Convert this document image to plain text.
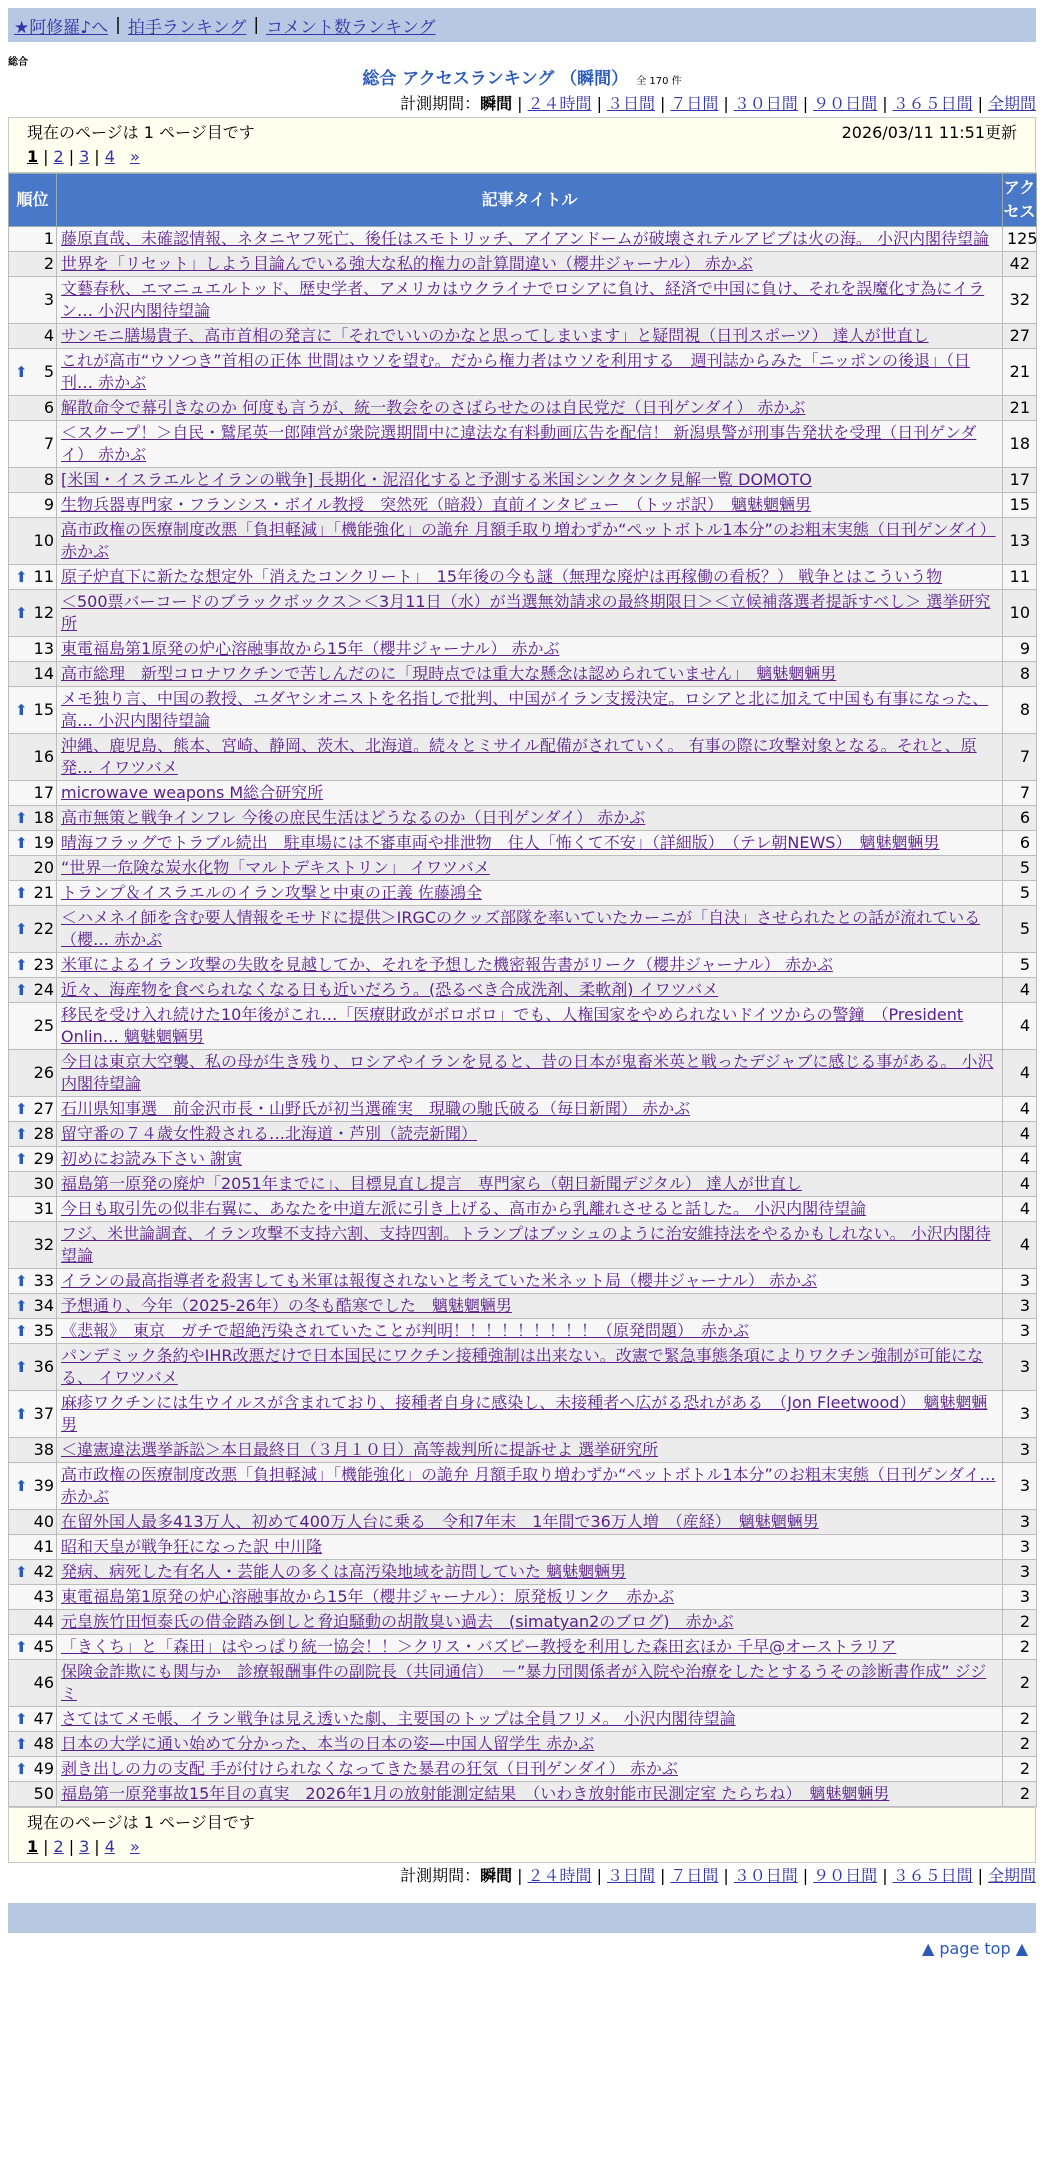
★阿修羅♪へ | 拍手ランキング | コメント数ランキング
総合
総合 アクセスランキング （瞬間） 全 170 件
計測期間：瞬間 | ２４時間 | ３日間 | ７日間 | ３０日間 | ９０日間 | ３６５日間 | 全期間
現在のページは 1 ページ目です	2026/03/11 11:51更新
1 | 2 | 3 | 4 »
順位	記事タイトル	アクセス
1	藤原直哉、未確認情報、ネタニヤフ死亡、後任はスモトリッチ、アイアンドームが破壊されテルアビブは火の海。 小沢内閣待望論	125
2	世界を「リセット」しよう目論んでいる強大な私的権力の計算間違い（櫻井ジャーナル） 赤かぶ	42
3	文藝春秋、エマニュエルトッド、歴史学者、アメリカはウクライナでロシアに負け、経済で中国に負け、それを誤魔化す為にイラン… 小沢内閣待望論	32
4	サンモニ膳場貴子、高市首相の発言に「それでいいのかなと思ってしまいます」と疑問視（日刊スポーツ） 達人が世直し	27

⬆ 5	これが高市“ウソつき”首相の正体 世間はウソを望む。だから権力者はウソを利用する　週刊誌からみた「ニッポンの後退」（日刊… 赤かぶ	21
6	解散命令で幕引きなのか 何度も言うが、統一教会をのさばらせたのは自民党だ（日刊ゲンダイ） 赤かぶ	21
7	＜スクープ！＞自民・鷲尾英一郎陣営が衆院選期間中に違法な有料動画広告を配信！ 新潟県警が刑事告発状を受理（日刊ゲンダイ） 赤かぶ	18
8	[米国・イスラエルとイランの戦争] 長期化・泥沼化すると予測する米国シンクタンク見解一覧 DOMOTO	17
9	生物兵器専門家・フランシス・ボイル教授　突然死（暗殺）直前インタビュー　（トッポ訳）　魑魅魍魎男	15
10	高市政権の医療制度改悪「負担軽減」「機能強化」の詭弁 月額手取り増わずか“ペットボトル1本分”のお粗末実態（日刊ゲンダイ） 赤かぶ	13

⬆ 11	原子炉直下に新たな想定外「消えたコンクリート」　15年後の今も謎（無理な廃炉は再稼働の看板？） 戦争とはこういう物	11

⬆ 12	＜500票バーコードのブラックボックス＞＜3月11日（水）が当選無効請求の最終期限日＞＜立候補落選者提訴すべし＞ 選挙研究所	10
13	東電福島第1原発の炉心溶融事故から15年（櫻井ジャーナル） 赤かぶ	9
14	高市総理　新型コロナワクチンで苦しんだのに「現時点では重大な懸念は認められていません」　魑魅魍魎男	8

⬆ 15	メモ独り言、中国の教授、ユダヤシオニストを名指しで批判、中国がイラン支援決定。ロシアと北に加えて中国も有事になった、高… 小沢内閣待望論	8
16	沖縄、鹿児島、熊本、宮崎、静岡、茨木、北海道。続々とミサイル配備がされていく。 有事の際に攻撃対象となる。それと、原発… イワツバメ	7
17	microwave weapons M総合研究所	7

⬆ 18	高市無策と戦争インフレ 今後の庶民生活はどうなるのか（日刊ゲンダイ） 赤かぶ	6

⬆ 19	晴海フラッグでトラブル続出　駐車場には不審車両や排泄物　住人「怖くて不安」（詳細版）　（テレ朝NEWS）　魑魅魍魎男	6
20	“世界一危険な炭水化物「マルトデキストリン」 イワツバメ	5

⬆ 21	トランプ＆イスラエルのイラン攻撃と中東の正義 佐藤鴻全	5

⬆ 22	＜ハメネイ師を含む要人情報をモサドに提供＞IRGCのクッズ部隊を率いていたカーニが「自決」させられたとの話が流れている（櫻… 赤かぶ	5

⬆ 23	米軍によるイラン攻撃の失敗を見越してか、それを予想した機密報告書がリーク（櫻井ジャーナル） 赤かぶ	5

⬆ 24	近々、海産物を食べられなくなる日も近いだろう。(恐るべき合成洗剤、柔軟剤) イワツバメ	4
25	移民を受け入れ続けた10年後がこれ…「医療財政がボロボロ」でも、人権国家をやめられないドイツからの警鐘　（President Onlin… 魑魅魍魎男	4
26	今日は東京大空襲、私の母が生き残り、ロシアやイランを見ると、昔の日本が鬼畜米英と戦ったデジャブに感じる事がある。 小沢内閣待望論	4

⬆ 27	石川県知事選　前金沢市長・山野氏が初当選確実　現職の馳氏破る（毎日新聞） 赤かぶ	4

⬆ 28	留守番の７４歳女性殺される…北海道・芦別（読売新聞）	4

⬆ 29	初めにお読み下さい 謝寅	4
30	福島第一原発の廃炉「2051年までに」、目標見直し提言　専門家ら（朝日新聞デジタル） 達人が世直し	4
31	今日も取引先の似非右翼に、あなたを中道左派に引き上げる、高市から乳離れさせると話した。 小沢内閣待望論	4
32	フジ、米世論調査、イラン攻撃不支持六割、支持四割。トランプはブッシュのように治安維持法をやるかもしれない。 小沢内閣待望論	4

⬆ 33	イランの最高指導者を殺害しても米軍は報復されないと考えていた米ネット局（櫻井ジャーナル） 赤かぶ	3

⬆ 34	予想通り、今年（2025-26年）の冬も酷寒でした　魑魅魍魎男	3

⬆ 35	《悲報》　東京　ガチで超絶汚染されていたことが判明！！！！！！！！！（原発問題）　赤かぶ	3

⬆ 36	パンデミック条約やIHR改悪だけで日本国民にワクチン接種強制は出来ない。改憲で緊急事態条項によりワクチン強制が可能になる、 イワツバメ	3

⬆ 37	麻疹ワクチンには生ウイルスが含まれており、接種者自身に感染し、未接種者へ広がる恐れがある　（Jon Fleetwood）　魑魅魍魎男	3
38	＜違憲違法選挙訴訟＞本日最終日（３月１０日）高等裁判所に提訴せよ 選挙研究所	3

⬆ 39	高市政権の医療制度改悪「負担軽減」「機能強化」の詭弁 月額手取り増わずか“ペットボトル1本分”のお粗末実態（日刊ゲンダイ… 赤かぶ	3
40	在留外国人最多413万人、初めて400万人台に乗る　令和7年末　1年間で36万人増　（産経）　魑魅魍魎男	3
41	昭和天皇が戦争狂になった訳 中川隆	3

⬆ 42	発病、病死した有名人・芸能人の多くは高汚染地域を訪問していた 魑魅魍魎男	3
43	東電福島第1原発の炉心溶融事故から15年（櫻井ジャーナル）：原発板リンク　赤かぶ	3
44	元皇族竹田恒泰氏の借金踏み倒しと脅迫騒動の胡散臭い過去　(simatyan2のブログ)　赤かぶ	2

⬆ 45	「きくち」と「森田」はやっぱり統一協会！！＞クリス・バズビー教授を利用した森田玄ほか 千早@オーストラリア	2
46	保険金詐欺にも関与か　診療報酬事件の副院長（共同通信）　－”暴力団関係者が入院や治療をしたとするうその診断書作成” ジジミ	2

⬆ 47	さてはてメモ帳、イラン戦争は見え透いた劇、主要国のトップは全員フリメ。 小沢内閣待望論	2

⬆ 48	日本の大学に通い始めて分かった、本当の日本の姿—中国人留学生 赤かぶ	2

⬆ 49	剥き出しの力の支配 手が付けられなくなってきた暴君の狂気（日刊ゲンダイ） 赤かぶ	2
50	福島第一原発事故15年目の真実　2026年1月の放射能測定結果　（いわき放射能市民測定室 たらちね）　魑魅魍魎男	2
現在のページは 1 ページ目です
1 | 2 | 3 | 4 »
計測期間：瞬間 | ２４時間 | ３日間 | ７日間 | ３０日間 | ９０日間 | ３６５日間 | 全期間
▲ page top ▲
